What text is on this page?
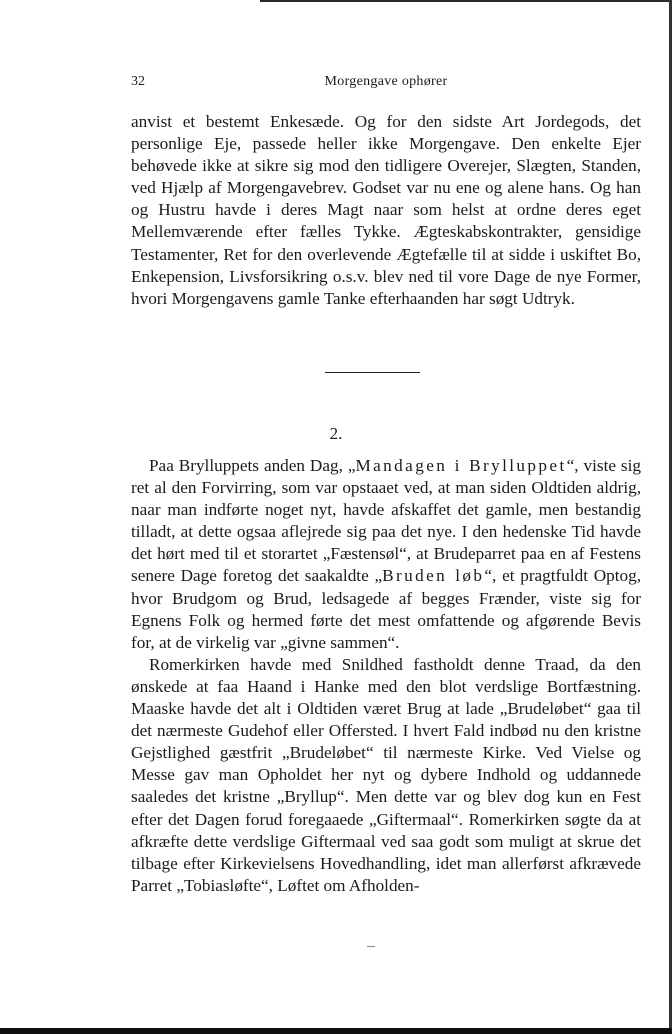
32	Morgengave ophører

anvist et bestemt Enkesæde. Og for den sidste Art Jordegods, det personlige Eje, passede heller ikke Morgengave. Den enkelte Ejer behøvede ikke at sikre sig mod den tidligere Overejer, Slægten, Standen, ved Hjælp af Morgengavebrev. Godset var nu ene og alene hans. Og han og Hustru havde i deres Magt naar som helst at ordne deres eget Mellemværende efter fælles Tykke. Ægteskabskontrakter, gensidige Testamenter, Ret for den overlevende Ægtefælle til at sidde i uskiftet Bo, Enkepension, Livsforsikring o.s.v. blev ned til vore Dage de nye Former, hvori Morgengavens gamle Tanke efterhaanden har søgt Udtryk.

2.

Paa Brylluppets anden Dag, „Mandagen i Brylluppet“, viste sig ret al den Forvirring, som var opstaaet ved, at man siden Oldtiden aldrig, naar man indførte noget nyt, havde afskaffet det gamle, men bestandig tilladt, at dette ogsaa aflejrede sig paa det nye. I den hedenske Tid havde det hørt med til et storartet „Fæstensøl“, at Brudeparret paa en af Festens senere Dage foretog det saakaldte „Bruden løb“, et pragtfuldt Optog, hvor Brudgom og Brud, ledsagede af begges Frænder, viste sig for Egnens Folk og hermed førte det mest omfattende og afgørende Bevis for, at de virkelig var „givne sammen“.

Romerkirken havde med Snildhed fastholdt denne Traad, da den ønskede at faa Haand i Hanke med den blot verdslige Bortfæstning. Maaske havde det alt i Oldtiden været Brug at lade „Brudeløbet“ gaa til det nærmeste Gudehof eller Offersted. I hvert Fald indbød nu den kristne Gejstlighed gæstfrit „Brudeløbet“ til nærmeste Kirke. Ved Vielse og Messe gav man Opholdet her nyt og dybere Indhold og uddannede saaledes det kristne „Bryllup“. Men dette var og blev dog kun en Fest efter det Dagen forud foregaaede „Giftermaal“. Romerkirken søgte da at afkræfte dette verdslige Giftermaal ved saa godt som muligt at skrue det tilbage efter Kirkevielsens Hovedhandling, idet man allerførst afkrævede Parret „Tobiasløfte“, Løftet om Afholden-
